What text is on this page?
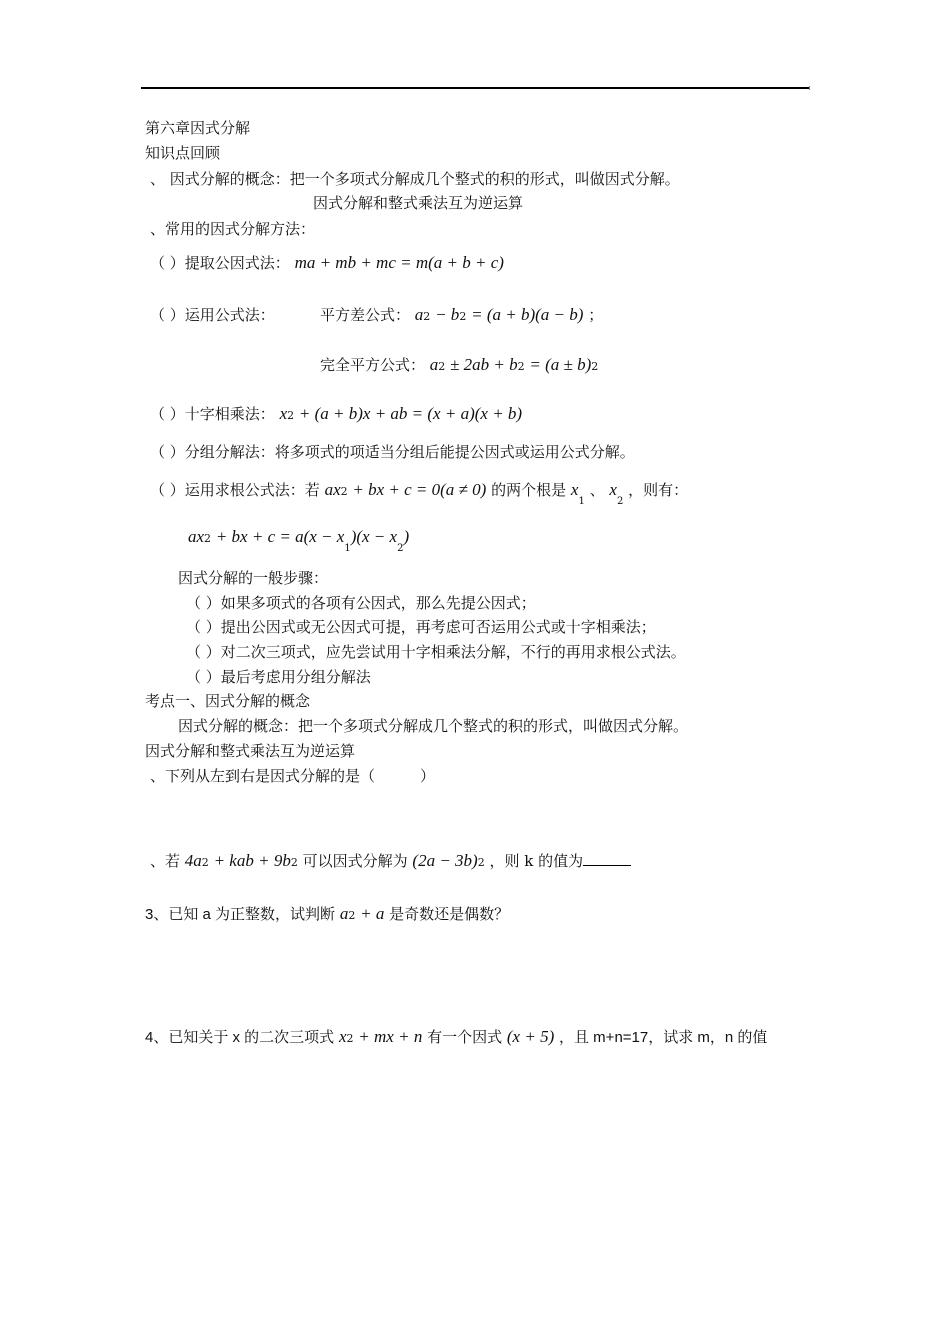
第六章因式分解
知识点回顾
、 因式分解的概念：把一个多项式分解成几个整式的积的形式，叫做因式分解。
因式分解和整式乘法互为逆运算
、常用的因式分解方法：
（ ）提取公因式法： ma + mb + mc = m(a + b + c)
（ ）运用公式法：	平方差公式： a2 − b2 = (a + b)(a − b) ；
完全平方公式： a2 ± 2ab + b2 = (a ± b)2
（ ）十字相乘法： x2 + (a + b)x + ab = (x + a)(x + b)
（ ）分组分解法：将多项式的项适当分组后能提公因式或运用公式分解。
（ ）运用求根公式法：若 ax2 + bx + c = 0(a ≠ 0) 的两个根是 $x_1$ 、 $x_2$ ，则有：
ax2 + bx + $c = a(x - x_1)(x - x_2)$
因式分解的一般步骤：
（ ）如果多项式的各项有公因式，那么先提公因式；
（ ）提出公因式或无公因式可提，再考虑可否运用公式或十字相乘法；
（ ）对二次三项式，应先尝试用十字相乘法分解，不行的再用求根公式法。
（ ）最后考虑用分组分解法
考点一、因式分解的概念
因式分解的概念：把一个多项式分解成几个整式的积的形式，叫做因式分解。
因式分解和整式乘法互为逆运算
、下列从左到右是因式分解的是（　　　）
、若 4a2 + kab + 9b2 可以因式分解为 (2a − 3b)2 ，则 k 的值为
3、已知 a 为正整数，试判断 a2 + a 是奇数还是偶数？
4、已知关于 x 的二次三项式 x2 + mx + n 有一个因式 (x + 5) ，且 m+n=17，试求 m，n 的值
